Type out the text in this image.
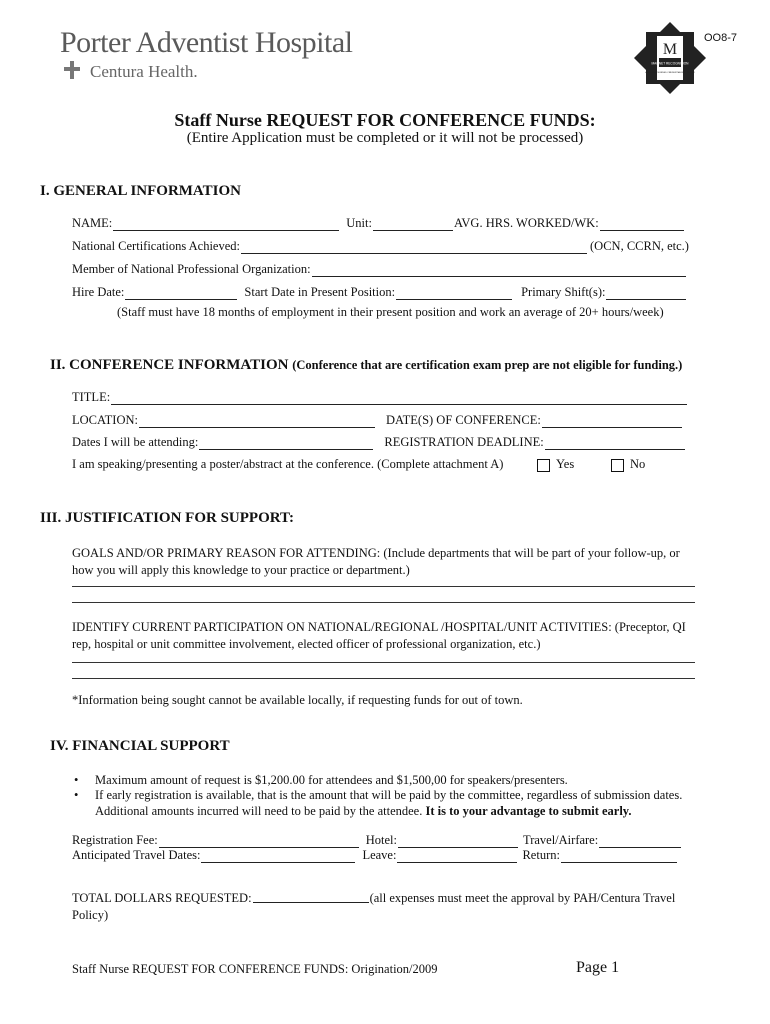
Porter Adventist Hospital
Centura Health.
OO8-7
M
MAGNET RECOGNITION
AMERICAN NURSES CREDENTIALING CENTER
Staff Nurse REQUEST FOR CONFERENCE FUNDS:
(Entire Application must be completed or it will not be processed)
I. GENERAL INFORMATION
NAME:	Unit:	AVG. HRS. WORKED/WK:
National Certifications Achieved:	(OCN, CCRN, etc.)
Member of National Professional Organization:
Hire Date:	Start Date in Present Position:	Primary Shift(s):
(Staff must have 18 months of employment in their present position and work an average of 20+ hours/week)
II. CONFERENCE INFORMATION (Conference that are certification exam prep are not eligible for funding.)
TITLE:
LOCATION:	DATE(S) OF CONFERENCE:
Dates I will be attending:	REGISTRATION DEADLINE:
I am speaking/presenting a poster/abstract at the conference. (Complete attachment A)	Yes	No
III. JUSTIFICATION FOR SUPPORT:
GOALS AND/OR PRIMARY REASON FOR ATTENDING: (Include departments that will be part of your follow-up, or how you will apply this knowledge to your practice or department.)
IDENTIFY CURRENT PARTICIPATION ON NATIONAL/REGIONAL /HOSPITAL/UNIT ACTIVITIES: (Preceptor, QI rep, hospital or unit committee involvement, elected officer of professional organization, etc.)
*Information being sought cannot be available locally, if requesting funds for out of town.
IV. FINANCIAL SUPPORT
• Maximum amount of request is $1,200.00 for attendees and $1,500,00 for speakers/presenters.
• If early registration is available, that is the amount that will be paid by the committee, regardless of submission dates.
Additional amounts incurred will need to be paid by the attendee. It is to your advantage to submit early.
Registration Fee:	Hotel:	Travel/Airfare:
Anticipated Travel Dates:	Leave:	Return:
TOTAL DOLLARS REQUESTED:	(all expenses must meet the approval by PAH/Centura Travel Policy)
Staff Nurse REQUEST FOR CONFERENCE FUNDS: Origination/2009	Page 1
